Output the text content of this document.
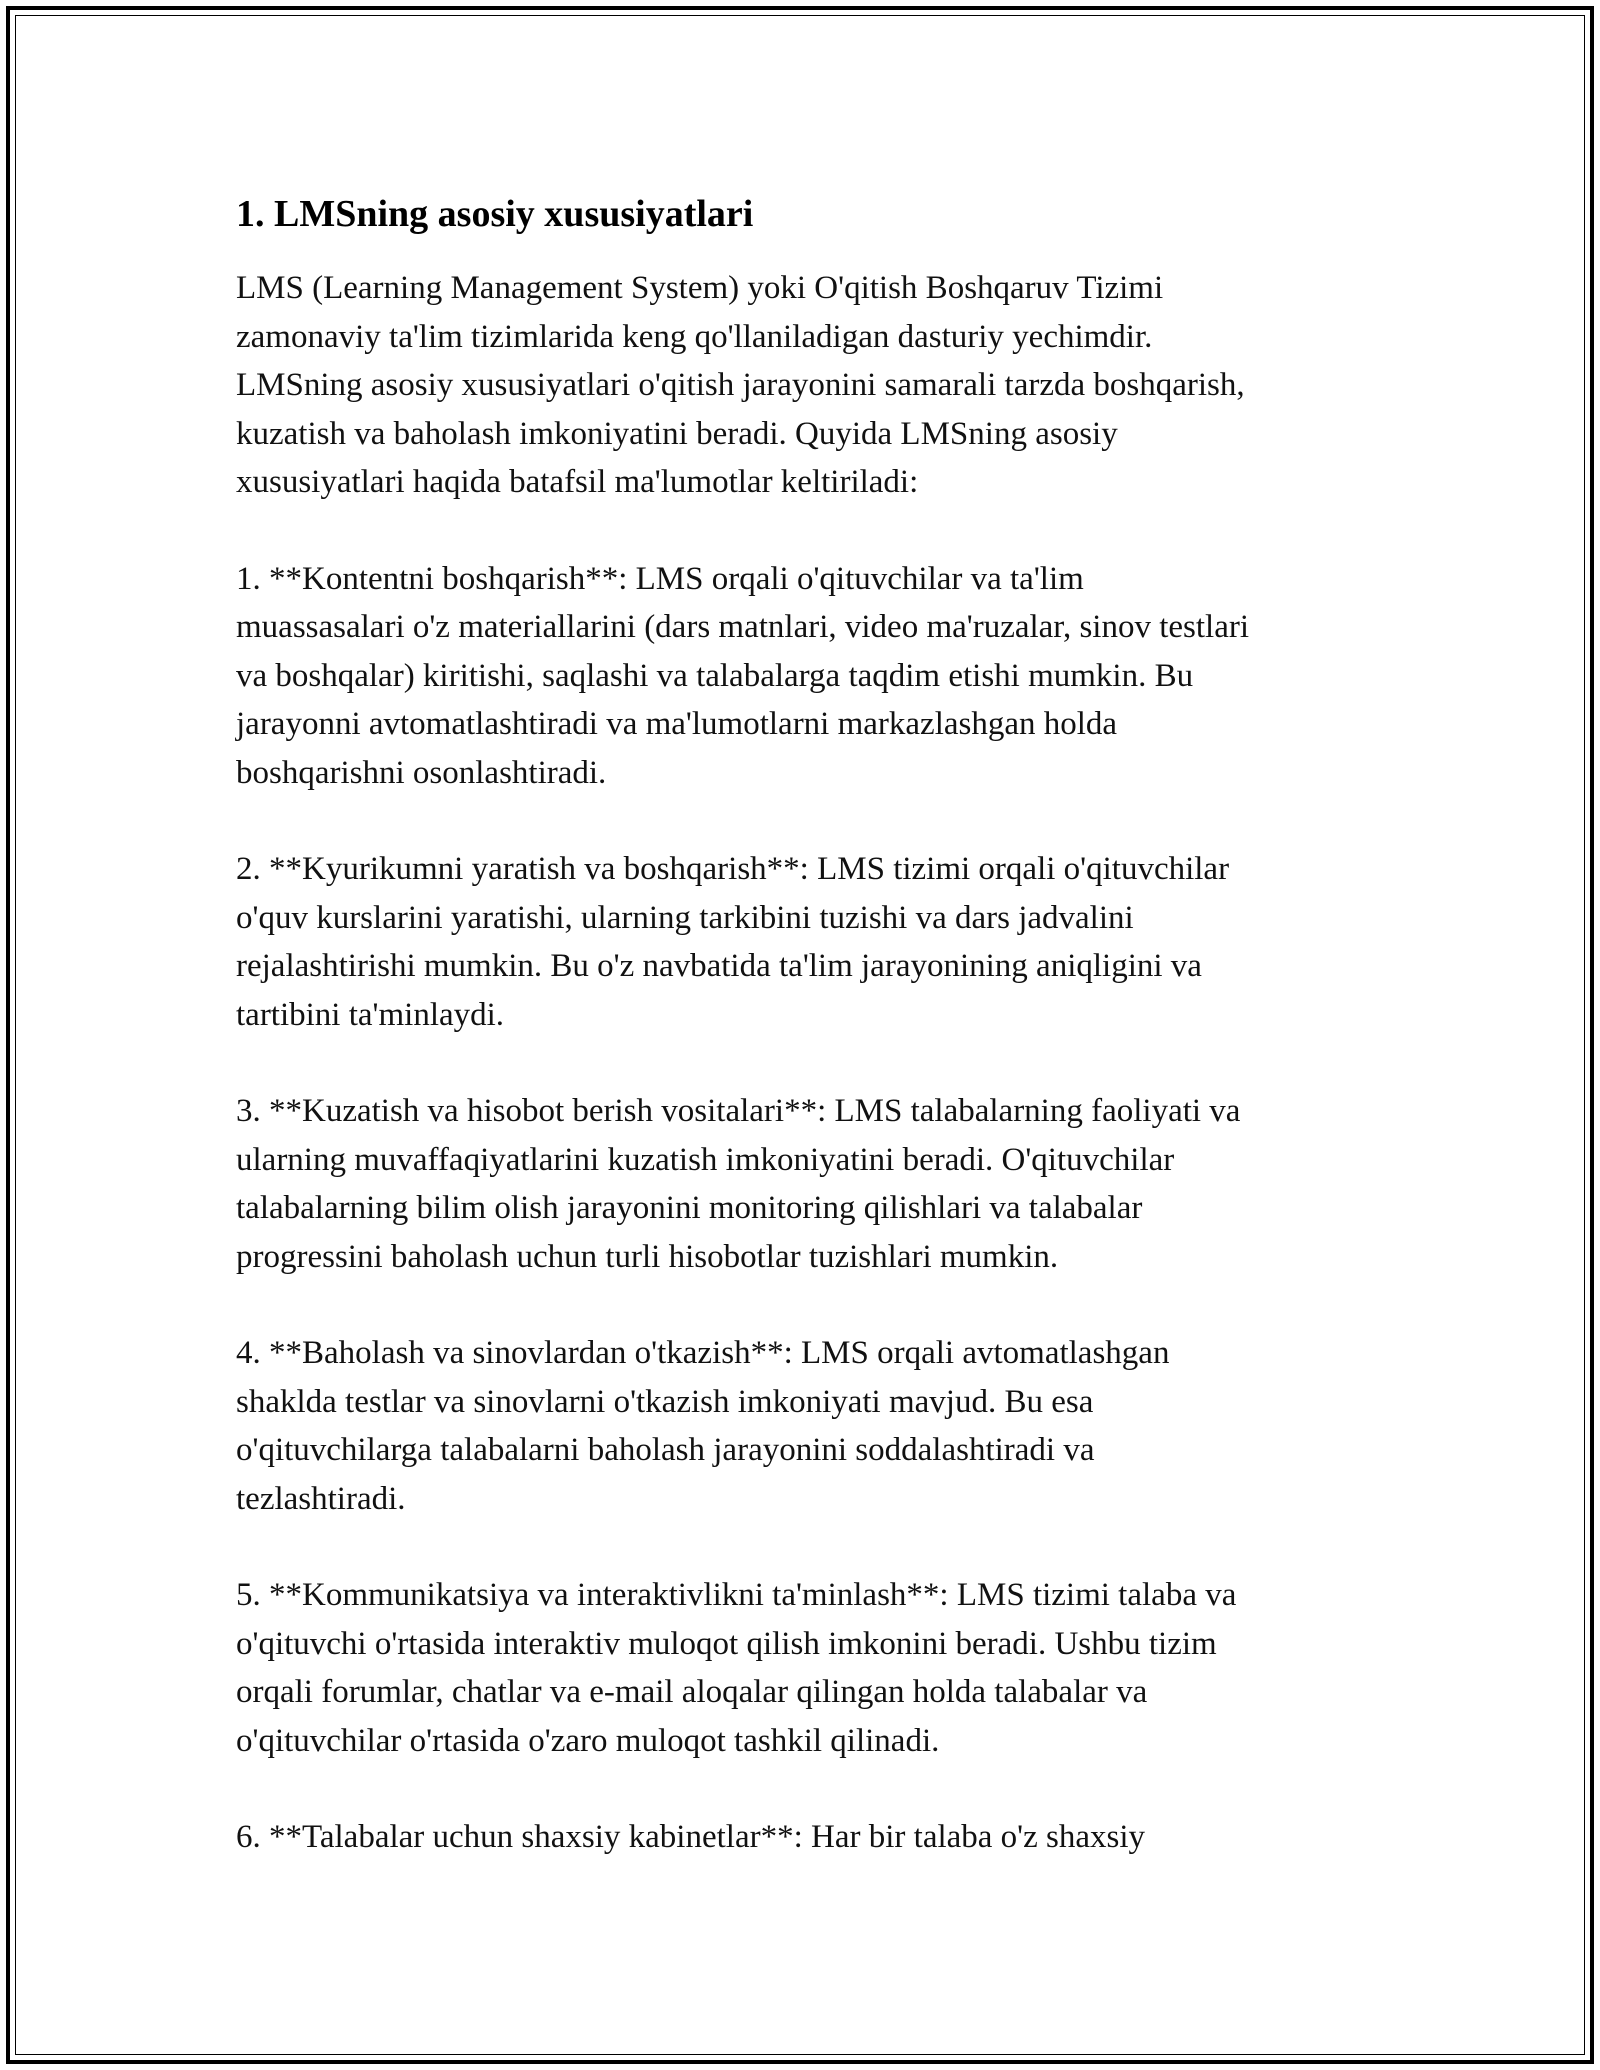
1. LMSning asosiy xususiyatlari

LMS (Learning Management System) yoki O'qitish Boshqaruv Tizimi
zamonaviy ta'lim tizimlarida keng qo'llaniladigan dasturiy yechimdir.
LMSning asosiy xususiyatlari o'qitish jarayonini samarali tarzda boshqarish,
kuzatish va baholash imkoniyatini beradi. Quyida LMSning asosiy
xususiyatlari haqida batafsil ma'lumotlar keltiriladi:

1. **Kontentni boshqarish**: LMS orqali o'qituvchilar va ta'lim
muassasalari o'z materiallarini (dars matnlari, video ma'ruzalar, sinov testlari
va boshqalar) kiritishi, saqlashi va talabalarga taqdim etishi mumkin. Bu
jarayonni avtomatlashtiradi va ma'lumotlarni markazlashgan holda
boshqarishni osonlashtiradi.

2. **Kyurikumni yaratish va boshqarish**: LMS tizimi orqali o'qituvchilar
o'quv kurslarini yaratishi, ularning tarkibini tuzishi va dars jadvalini
rejalashtirishi mumkin. Bu o'z navbatida ta'lim jarayonining aniqligini va
tartibini ta'minlaydi.

3. **Kuzatish va hisobot berish vositalari**: LMS talabalarning faoliyati va
ularning muvaffaqiyatlarini kuzatish imkoniyatini beradi. O'qituvchilar
talabalarning bilim olish jarayonini monitoring qilishlari va talabalar
progressini baholash uchun turli hisobotlar tuzishlari mumkin.

4. **Baholash va sinovlardan o'tkazish**: LMS orqali avtomatlashgan
shaklda testlar va sinovlarni o'tkazish imkoniyati mavjud. Bu esa
o'qituvchilarga talabalarni baholash jarayonini soddalashtiradi va
tezlashtiradi.

5. **Kommunikatsiya va interaktivlikni ta'minlash**: LMS tizimi talaba va
o'qituvchi o'rtasida interaktiv muloqot qilish imkonini beradi. Ushbu tizim
orqali forumlar, chatlar va e-mail aloqalar qilingan holda talabalar va
o'qituvchilar o'rtasida o'zaro muloqot tashkil qilinadi.

6. **Talabalar uchun shaxsiy kabinetlar**: Har bir talaba o'z shaxsiy
